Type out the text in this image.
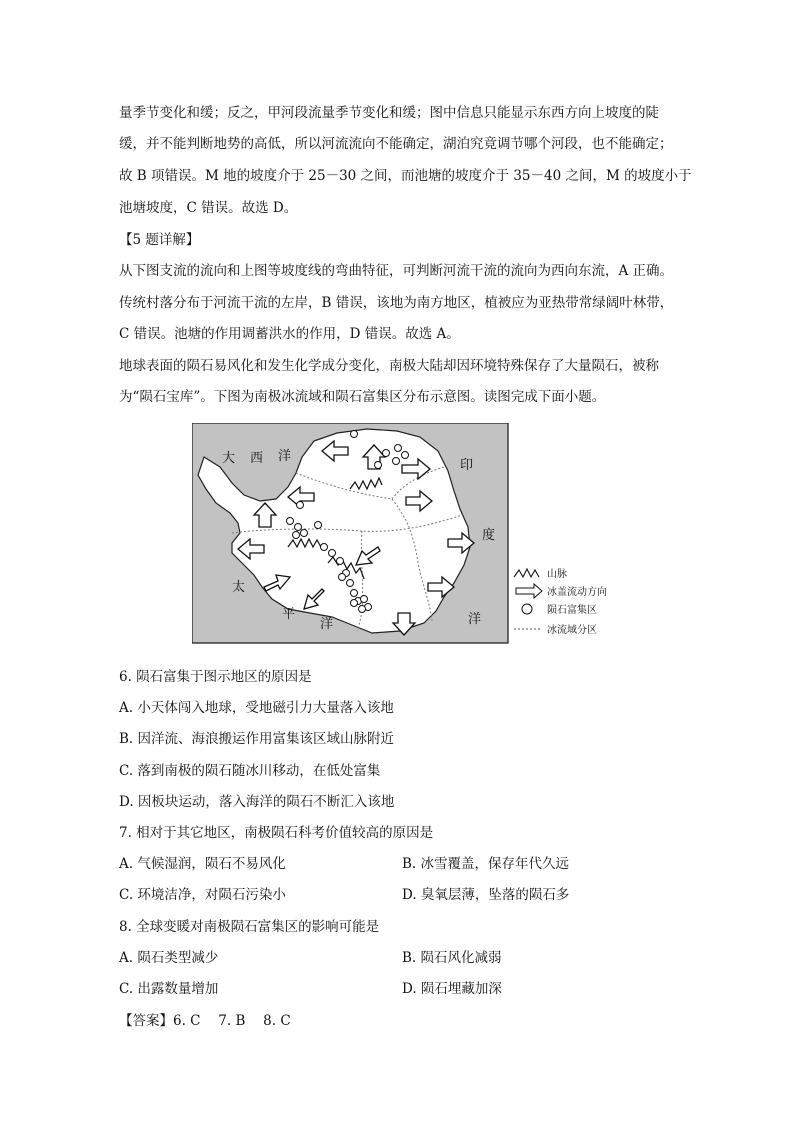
量季节变化和缓；反之，甲河段流量季节变化和缓；图中信息只能显示东西方向上坡度的陡
缓，并不能判断地势的高低，所以河流流向不能确定，湖泊究竟调节哪个河段，也不能确定；
故 B 项错误。M 地的坡度介于 25－30 之间，而池塘的坡度介于 35－40 之间，M 的坡度小于
池塘坡度，C 错误。故选 D。
【5 题详解】
从下图支流的流向和上图等坡度线的弯曲特征，可判断河流干流的流向为西向东流，A 正确。
传统村落分布于河流干流的左岸，B 错误，该地为南方地区，植被应为亚热带常绿阔叶林带，
C 错误。池塘的作用调蓄洪水的作用，D 错误。故选 A。
地球表面的陨石易风化和发生化学成分变化，南极大陆却因环境特殊保存了大量陨石，被称
为“陨石宝库”。下图为南极冰流域和陨石富集区分布示意图。读图完成下面小题。
大 西 洋
印
度
洋
太
平
洋
山脉
冰盖流动方向
陨石富集区
冰流域分区
6. 陨石富集于图示地区的原因是
A. 小天体闯入地球，受地磁引力大量落入该地
B. 因洋流、海浪搬运作用富集该区域山脉附近
C. 落到南极的陨石随冰川移动，在低处富集
D. 因板块运动，落入海洋的陨石不断汇入该地
7. 相对于其它地区，南极陨石科考价值较高的原因是
A. 气候湿润，陨石不易风化	B. 冰雪覆盖，保存年代久远
C. 环境洁净，对陨石污染小	D. 臭氧层薄，坠落的陨石多
8. 全球变暖对南极陨石富集区的影响可能是
A. 陨石类型减少	B. 陨石风化减弱
C. 出露数量增加	D. 陨石埋藏加深
【答案】6. C　 7. B　 8. C
